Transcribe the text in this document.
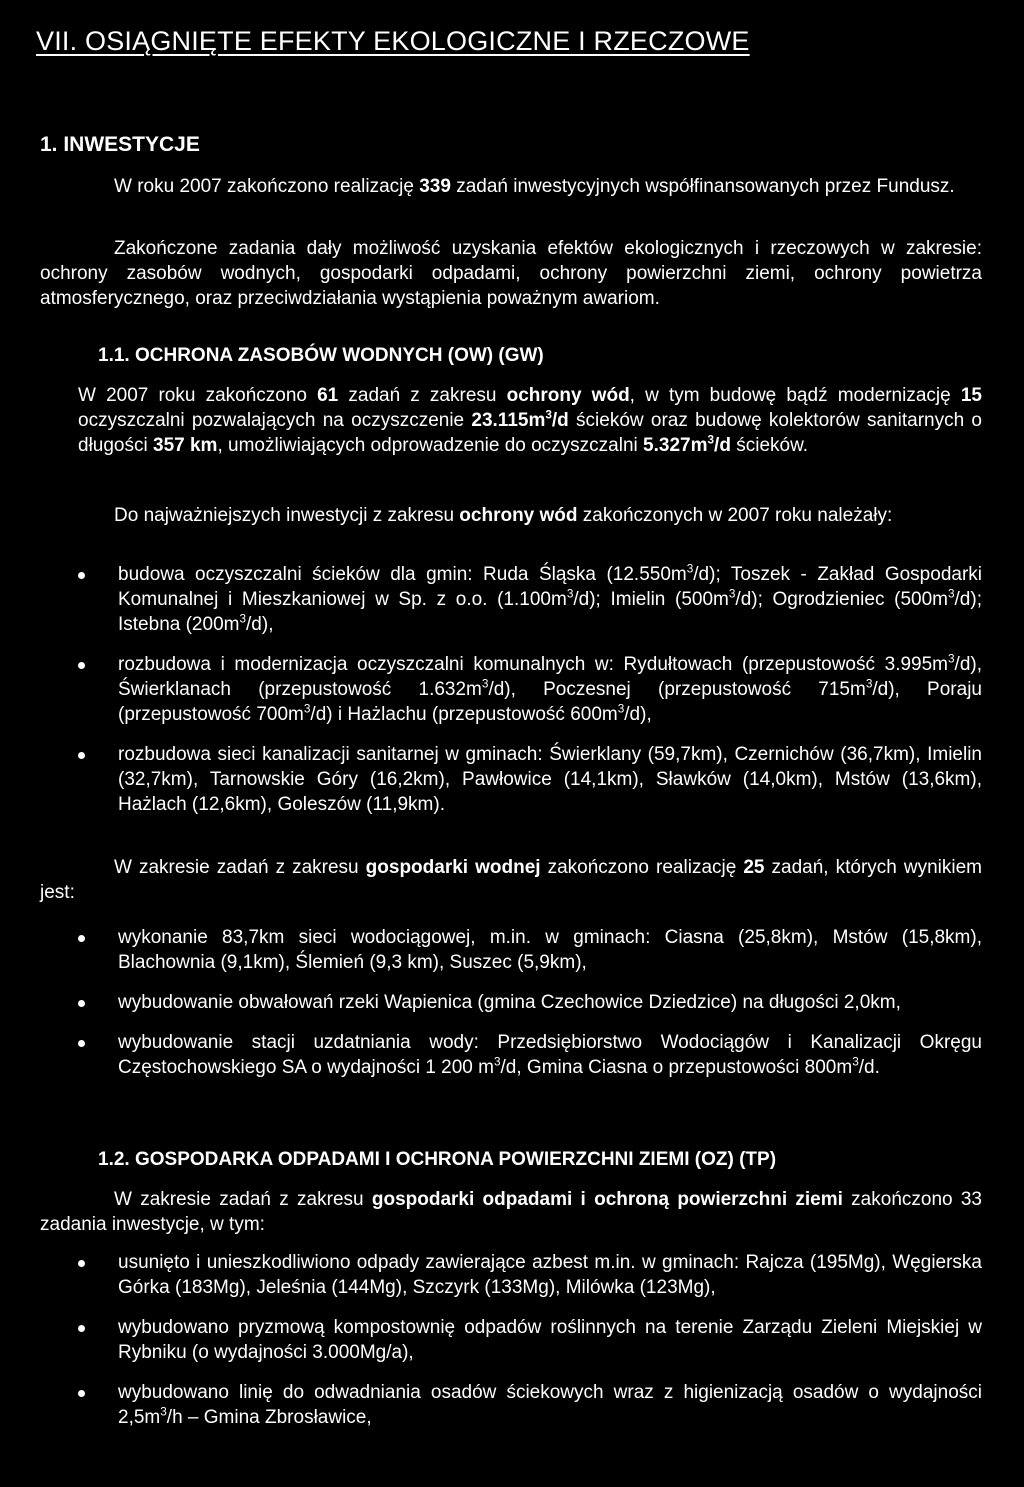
VII. OSIĄGNIĘTE EFEKTY EKOLOGICZNE I RZECZOWE
1. INWESTYCJE
W roku 2007 zakończono realizację 339 zadań inwestycyjnych współfinansowanych przez Fundusz.
Zakończone zadania dały możliwość uzyskania efektów ekologicznych i rzeczowych w zakresie: ochrony zasobów wodnych, gospodarki odpadami, ochrony powierzchni ziemi, ochrony powietrza atmosferycznego, oraz przeciwdziałania wystąpienia poważnym awariom.
1.1. OCHRONA ZASOBÓW WODNYCH (OW) (GW)
W 2007 roku zakończono 61 zadań z zakresu ochrony wód, w tym budowę bądź modernizację 15 oczyszczalni pozwalających na oczyszczenie $23.115m^3/d$ ścieków oraz budowę kolektorów sanitarnych o długości 357 km, umożliwiających odprowadzenie do oczyszczalni $5.327m^3/d$ ścieków.
Do najważniejszych inwestycji z zakresu ochrony wód zakończonych w 2007 roku należały:
budowa oczyszczalni ścieków dla gmin: Ruda Śląska $(12.550m^3/d)$; Toszek - Zakład Gospodarki Komunalnej i Mieszkaniowej w Sp. z o.o. $(1.100m^3/d)$; Imielin $(500m^3/d)$; Ogrodzieniec $(500m^3/d)$; Istebna $(200m^3/d)$,
rozbudowa i modernizacja oczyszczalni komunalnych w: Rydułtowach (przepustowość $3.995m^3/d$), Świerklanach (przepustowość $1.632m^3/d$), Poczesnej (przepustowość $715m^3/d$), Poraju (przepustowość $700m^3/d$) i Hażlachu (przepustowość $600m^3/d$),
rozbudowa sieci kanalizacji sanitarnej w gminach: Świerklany (59,7km), Czernichów (36,7km), Imielin (32,7km), Tarnowskie Góry (16,2km), Pawłowice (14,1km), Sławków (14,0km), Mstów (13,6km), Hażlach (12,6km), Goleszów (11,9km).
W zakresie zadań z zakresu gospodarki wodnej zakończono realizację 25 zadań, których wynikiem jest:
wykonanie 83,7km sieci wodociągowej, m.in. w gminach: Ciasna (25,8km), Mstów (15,8km), Blachownia (9,1km), Ślemień (9,3 km), Suszec (5,9km),
wybudowanie obwałowań rzeki Wapienica (gmina Czechowice Dziedzice) na długości 2,0km,
wybudowanie stacji uzdatniania wody: Przedsiębiorstwo Wodociągów i Kanalizacji Okręgu Częstochowskiego SA o wydajności 1 200 $m^3/d$, Gmina Ciasna o przepustowości $800m^3/d$.
1.2. GOSPODARKA ODPADAMI I OCHRONA POWIERZCHNI ZIEMI (OZ) (TP)
W zakresie zadań z zakresu gospodarki odpadami i ochroną powierzchni ziemi zakończono 33 zadania inwestycje, w tym:
usunięto i unieszkodliwiono odpady zawierające azbest m.in. w gminach: Rajcza (195Mg), Węgierska Górka (183Mg), Jeleśnia (144Mg), Szczyrk (133Mg), Milówka (123Mg),
wybudowano pryzmową kompostownię odpadów roślinnych na terenie Zarządu Zieleni Miejskiej w Rybniku (o wydajności 3.000Mg/a),
wybudowano linię do odwadniania osadów ściekowych wraz z higienizacją osadów o wydajności $2,5m^3/h$ – Gmina Zbrosławice,
